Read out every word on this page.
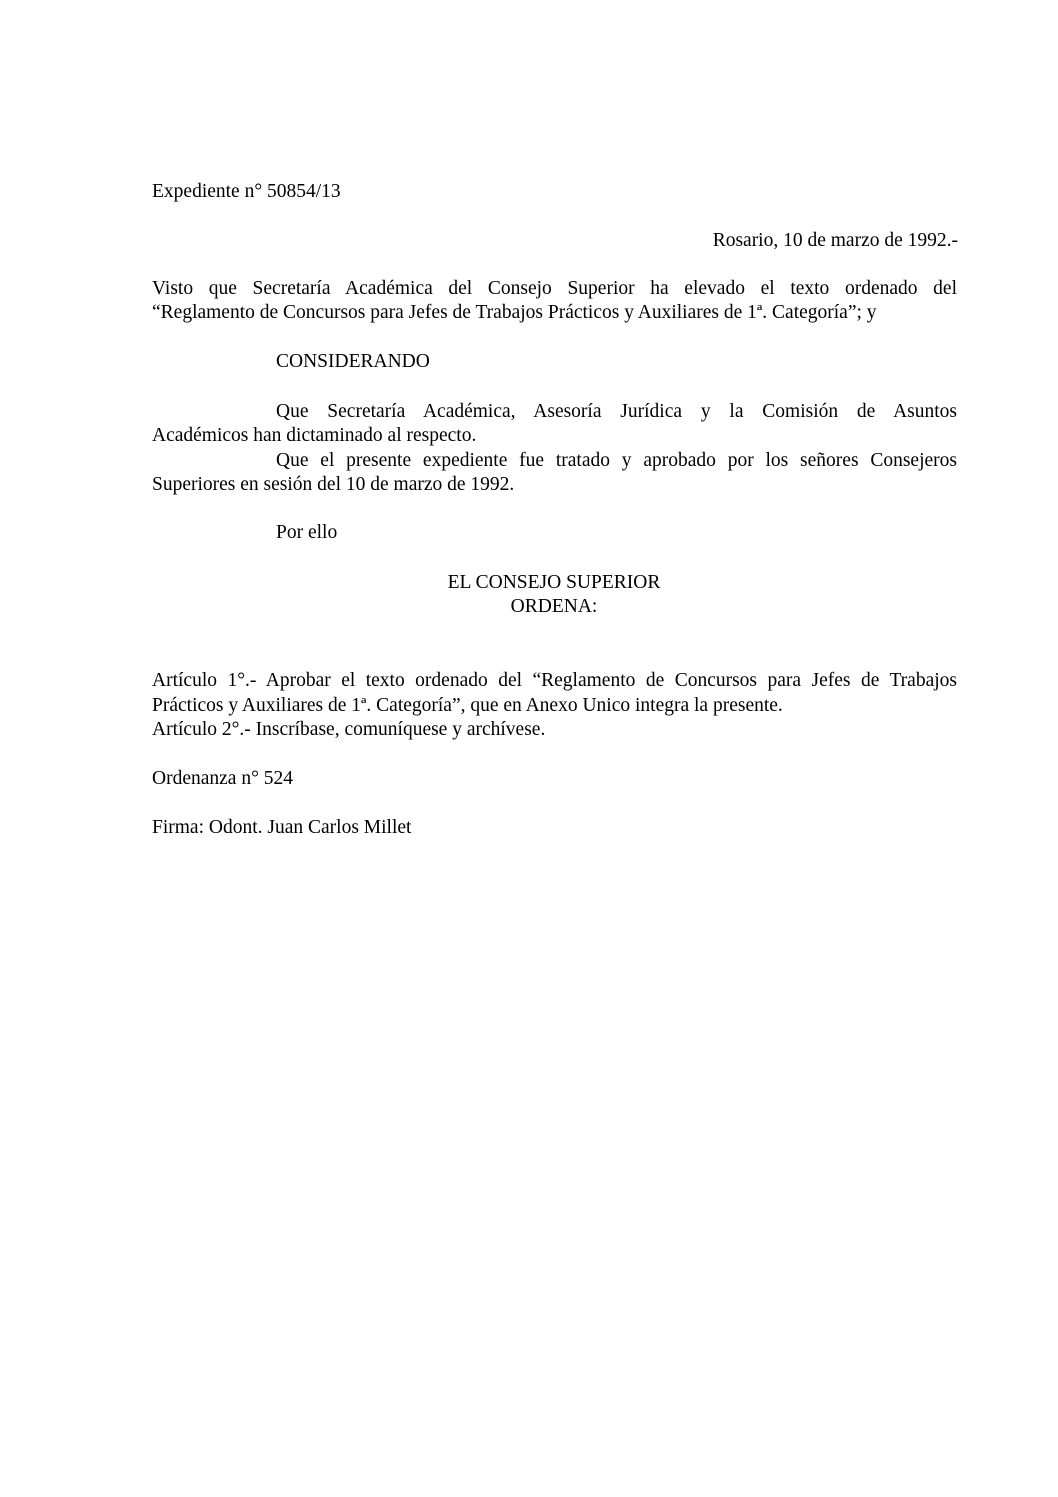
Expediente n° 50854/13
Rosario, 10 de marzo de 1992.-
Visto que Secretaría Académica del Consejo Superior ha elevado el texto ordenado del
“Reglamento de Concursos para Jefes de Trabajos Prácticos y Auxiliares de 1ª. Categoría”; y
CONSIDERANDO
Que Secretaría Académica, Asesoría Jurídica y la Comisión de Asuntos
Académicos han dictaminado al respecto.
Que el presente expediente fue tratado y aprobado por los señores Consejeros
Superiores en sesión del 10 de marzo de 1992.
Por ello
EL CONSEJO SUPERIOR
ORDENA:
Artículo 1°.- Aprobar el texto ordenado del “Reglamento de Concursos para Jefes de Trabajos
Prácticos y Auxiliares de 1ª. Categoría”, que en Anexo Unico integra la presente.
Artículo 2°.- Inscríbase, comuníquese y archívese.
Ordenanza n° 524
Firma: Odont. Juan Carlos Millet
